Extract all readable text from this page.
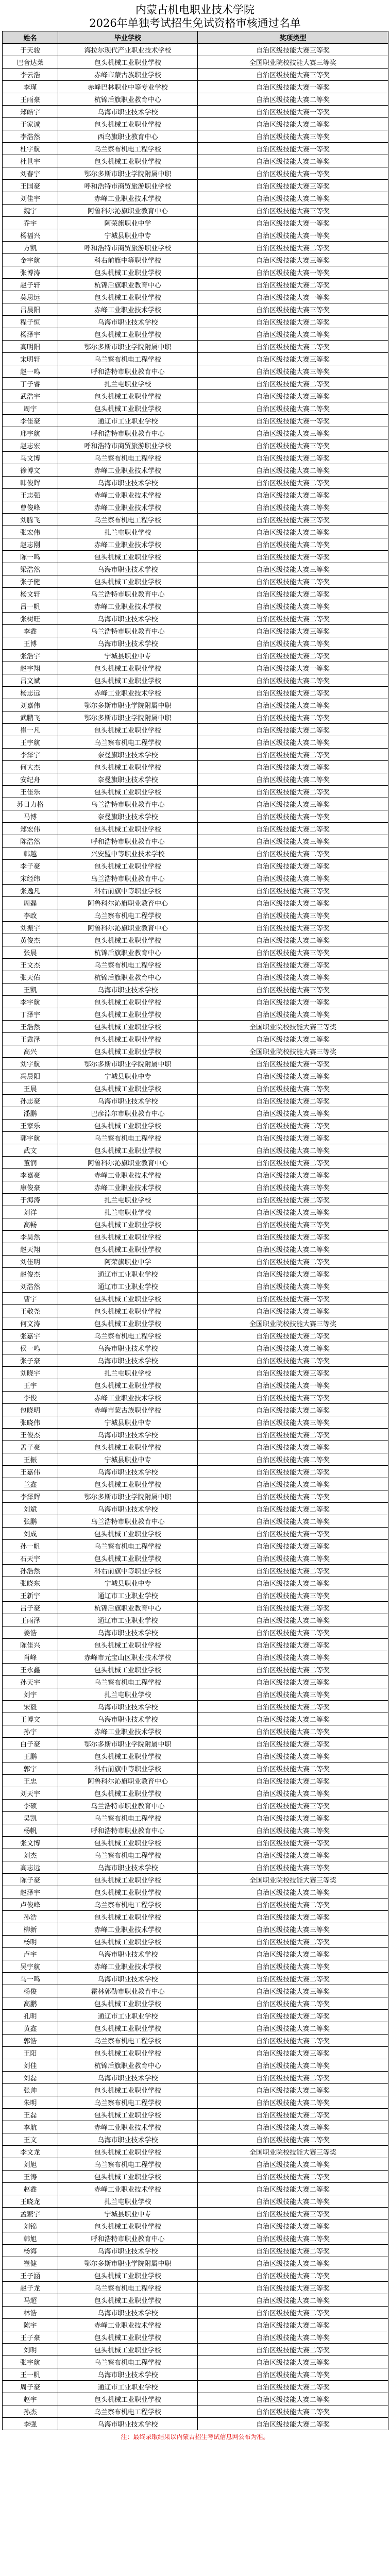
内蒙古机电职业技术学院
2026年单独考试招生免试资格审核通过名单
姓名	毕业学校	奖项类型
于天骏	海拉尔现代产业职业技术学校	自治区级技能大赛三等奖
巴音达莱	包头机械工业职业学校	全国职业院校技能大赛三等奖
李云浩	赤峰市蒙古族职业学校	自治区级技能大赛三等奖
李瑾	赤峰巴林职业中等专业学校	自治区级技能大赛一等奖
王雨豪	杭锦后旗职业教育中心	自治区级技能大赛二等奖
郑皓宇	乌海市职业技术学校	自治区级技能大赛一等奖
于家诚	包头机械工业职业学校	自治区级技能大赛二等奖
李浩然	西乌旗职业教育中心	自治区级技能大赛三等奖
杜宇航	乌兰察布机电工程学校	自治区级技能大赛一等奖
杜世宇	包头机械工业职业学校	自治区级技能大赛二等奖
刘春宇	鄂尔多斯市职业学院附属中职	自治区级技能大赛一等奖
王国豪	呼和浩特市商贸旅游职业学校	自治区级技能大赛三等奖
刘佳宇	赤峰工业职业技术学校	自治区级技能大赛二等奖
魏宇	阿鲁科尔沁旗职业教育中心	自治区级技能大赛三等奖
乔宇	阿荣旗职业中学	自治区级技能大赛一等奖
杨福兴	宁城县职业中专	自治区级技能大赛一等奖
方凯	呼和浩特市商贸旅游职业学校	自治区级技能大赛二等奖
金宇航	科右前旗中等职业学校	自治区级技能大赛三等奖
张博涛	包头机械工业职业学校	自治区级技能大赛一等奖
赵子轩	杭锦后旗职业教育中心	自治区级技能大赛二等奖
莫思远	包头机械工业职业学校	自治区级技能大赛一等奖
吕晨阳	赤峰工业职业技术学校	自治区级技能大赛三等奖
程子恒	乌海市职业技术学校	自治区级技能大赛二等奖
杨泽宇	包头机械工业职业学校	自治区级技能大赛二等奖
高明阳	鄂尔多斯市职业学院附属中职	自治区级技能大赛二等奖
宋明轩	乌兰察布机电工程学校	自治区级技能大赛三等奖
赵一鸣	呼和浩特市职业教育中心	自治区级技能大赛三等奖
丁子睿	扎兰屯职业学校	自治区级技能大赛二等奖
武浩宇	包头机械工业职业学校	自治区级技能大赛三等奖
周宇	包头机械工业职业学校	自治区级技能大赛二等奖
李佳豪	通辽市工业职业学校	自治区级技能大赛一等奖
邢宇航	呼和浩特市职业教育中心	自治区级技能大赛三等奖
赵志宏	呼和浩特市商贸旅游职业学校	自治区级技能大赛三等奖
马文博	乌兰察布机电工程学校	自治区级技能大赛二等奖
徐博文	赤峰工业职业技术学校	自治区级技能大赛二等奖
韩俊辉	乌海市职业技术学校	自治区级技能大赛二等奖
王志强	赤峰工业职业技术学校	自治区级技能大赛二等奖
曹俊峰	赤峰工业职业技术学校	自治区级技能大赛二等奖
刘腾飞	乌兰察布机电工程学校	自治区级技能大赛三等奖
张宏伟	扎兰屯职业学校	自治区级技能大赛二等奖
赵志刚	赤峰工业职业技术学校	自治区级技能大赛二等奖
陈一鸣	包头机械工业职业学校	自治区级技能大赛一等奖
梁浩然	乌海市职业技术学校	自治区级技能大赛三等奖
张子健	包头机械工业职业学校	自治区级技能大赛二等奖
杨文轩	乌兰浩特市职业教育中心	自治区级技能大赛二等奖
吕一帆	赤峰工业职业技术学校	自治区级技能大赛二等奖
张树旺	乌海市职业技术学校	自治区级技能大赛二等奖
李鑫	乌兰浩特市职业教育中心	自治区级技能大赛三等奖
王博	乌海市职业技术学校	自治区级技能大赛二等奖
张浩宇	宁城县职业中专	自治区级技能大赛二等奖
赵宇翔	包头机械工业职业学校	自治区级技能大赛一等奖
吕文斌	包头机械工业职业学校	自治区级技能大赛二等奖
杨志远	赤峰工业职业技术学校	自治区级技能大赛二等奖
刘嘉伟	鄂尔多斯市职业学院附属中职	自治区级技能大赛二等奖
武鹏飞	鄂尔多斯市职业学院附属中职	自治区级技能大赛二等奖
崔一凡	包头机械工业职业学校	自治区级技能大赛二等奖
王宇航	乌兰察布机电工程学校	自治区级技能大赛二等奖
李泽宇	奈曼旗职业技术学校	自治区级技能大赛二等奖
何大杰	包头机械工业职业学校	自治区级技能大赛二等奖
安纪舟	奈曼旗职业技术学校	自治区级技能大赛二等奖
王佳乐	包头机械工业职业学校	自治区级技能大赛二等奖
苏日力格	乌兰浩特市职业教育中心	自治区级技能大赛三等奖
马博	奈曼旗职业技术学校	自治区级技能大赛一等奖
郑宏伟	包头机械工业职业学校	自治区级技能大赛二等奖
陈浩然	呼和浩特市职业教育中心	自治区级技能大赛三等奖
韩越	兴安盟中等职业技术学校	自治区级技能大赛二等奖
李子豪	包头机械工业职业学校	自治区级技能大赛二等奖
宋经纬	乌兰浩特市职业教育中心	自治区级技能大赛二等奖
张逸凡	科右前旗中等职业学校	自治区级技能大赛三等奖
周磊	阿鲁科尔沁旗职业教育中心	自治区级技能大赛二等奖
李政	乌兰察布机电工程学校	自治区级技能大赛三等奖
刘振宇	阿鲁科尔沁旗职业教育中心	自治区级技能大赛三等奖
黄俊杰	包头机械工业职业学校	自治区级技能大赛二等奖
张晨	杭锦后旗职业教育中心	自治区级技能大赛三等奖
王文杰	乌兰察布机电工程学校	自治区级技能大赛二等奖
张天佑	杭锦后旗职业教育中心	自治区级技能大赛二等奖
王凯	乌海市职业技术学校	自治区级技能大赛三等奖
李宇航	包头机械工业职业学校	自治区级技能大赛一等奖
丁泽宇	包头机械工业职业学校	自治区级技能大赛二等奖
王浩然	包头机械工业职业学校	全国职业院校技能大赛三等奖
王鑫泽	包头机械工业职业学校	自治区级技能大赛二等奖
高兴	包头机械工业职业学校	全国职业院校技能大赛三等奖
刘宇航	鄂尔多斯市职业学院附属中职	自治区级技能大赛一等奖
冯晨阳	宁城县职业中专	自治区级技能大赛三等奖
王晨	包头机械工业职业学校	自治区级技能大赛二等奖
孙志豪	乌海市职业技术学校	自治区级技能大赛二等奖
潘鹏	巴彦淖尔市职业教育中心	自治区级技能大赛三等奖
王家乐	包头机械工业职业学校	自治区级技能大赛二等奖
郭宇航	乌兰察布机电工程学校	自治区级技能大赛二等奖
武文	包头机械工业职业学校	自治区级技能大赛二等奖
董润	阿鲁科尔沁旗职业教育中心	自治区级技能大赛二等奖
李嘉豪	赤峰工业职业技术学校	自治区级技能大赛二等奖
康俊豪	赤峰工业职业技术学校	自治区级技能大赛三等奖
于海涛	扎兰屯职业学校	自治区级技能大赛二等奖
刘洋	扎兰屯职业学校	自治区级技能大赛三等奖
高畅	包头机械工业职业学校	自治区级技能大赛三等奖
李昊然	包头机械工业职业学校	自治区级技能大赛二等奖
赵天翔	包头机械工业职业学校	自治区级技能大赛二等奖
刘佳明	阿荣旗职业中学	自治区级技能大赛二等奖
赵俊杰	通辽市工业职业学校	自治区级技能大赛二等奖
刘浩然	通辽市工业职业学校	自治区级技能大赛二等奖
曹宇	包头机械工业职业学校	自治区级技能大赛一等奖
王敬尧	包头机械工业职业学校	自治区级技能大赛二等奖
何文涛	包头机械工业职业学校	全国职业院校技能大赛三等奖
张嘉宇	乌兰察布机电工程学校	自治区级技能大赛二等奖
侯一鸣	乌海市职业技术学校	自治区级技能大赛二等奖
张子豪	乌海市职业技术学校	自治区级技能大赛二等奖
刘晓宇	扎兰屯职业学校	自治区级技能大赛三等奖
王宇	包头机械工业职业学校	自治区级技能大赛一等奖
李俊	赤峰工业职业技术学校	自治区级技能大赛三等奖
包晓明	赤峰市蒙古族职业学校	自治区级技能大赛二等奖
张晓伟	宁城县职业中专	自治区级技能大赛三等奖
王俊杰	乌海市职业技术学校	自治区级技能大赛二等奖
孟子豪	包头机械工业职业学校	自治区级技能大赛二等奖
王振	宁城县职业中专	自治区级技能大赛二等奖
王嘉伟	乌海市职业技术学校	自治区级技能大赛二等奖
兰鑫	包头机械工业职业学校	自治区级技能大赛二等奖
李泽辉	鄂尔多斯市职业学院附属中职	自治区级技能大赛二等奖
刘斌	乌海市职业技术学校	自治区级技能大赛二等奖
张鹏	乌兰浩特市职业教育中心	自治区级技能大赛二等奖
刘成	包头机械工业职业学校	自治区级技能大赛一等奖
孙一帆	乌兰察布机电工程学校	自治区级技能大赛三等奖
石天宇	包头机械工业职业学校	自治区级技能大赛二等奖
孙浩然	科右前旗中等职业学校	自治区级技能大赛二等奖
张晓东	宁城县职业中专	自治区级技能大赛二等奖
王新宇	通辽市工业职业学校	自治区级技能大赛三等奖
吕子豪	杭锦后旗职业教育中心	自治区级技能大赛二等奖
王雨泽	通辽市工业职业学校	自治区级技能大赛二等奖
姜浩	乌海市职业技术学校	自治区级技能大赛二等奖
陈佳兴	包头机械工业职业学校	自治区级技能大赛二等奖
肖峰	赤峰市元宝山区职业技术学校	自治区级技能大赛二等奖
王永鑫	包头机械工业职业学校	自治区级技能大赛二等奖
孙天宇	乌兰察布机电工程学校	自治区级技能大赛三等奖
刘宇	扎兰屯职业学校	自治区级技能大赛三等奖
宋毅	乌海市职业技术学校	自治区级技能大赛二等奖
王博文	乌海市职业技术学校	自治区级技能大赛二等奖
孙宇	赤峰工业职业技术学校	自治区级技能大赛二等奖
白子豪	鄂尔多斯市职业学院附属中职	自治区级技能大赛二等奖
王鹏	包头机械工业职业学校	自治区级技能大赛二等奖
郭宇	科右前旗中等职业学校	自治区级技能大赛二等奖
王忠	阿鲁科尔沁旗职业教育中心	自治区级技能大赛二等奖
刘天宇	包头机械工业职业学校	自治区级技能大赛二等奖
李硕	乌兰浩特市职业教育中心	自治区级技能大赛三等奖
吴凯	乌兰察布机电工程学校	自治区级技能大赛二等奖
杨帆	呼和浩特市职业教育中心	自治区级技能大赛二等奖
张文博	包头机械工业职业学校	自治区级技能大赛一等奖
刘杰	乌兰察布机电工程学校	自治区级技能大赛二等奖
高志远	乌海市职业技术学校	自治区级技能大赛三等奖
陈子豪	包头机械工业职业学校	全国职业院校技能大赛三等奖
赵泽宇	包头机械工业职业学校	自治区级技能大赛二等奖
卢俊峰	乌兰察布机电工程学校	自治区级技能大赛二等奖
孙浩	包头机械工业职业学校	自治区级技能大赛二等奖
柳新	赤峰工业职业技术学校	自治区级技能大赛三等奖
杨明	包头机械工业职业学校	自治区级技能大赛二等奖
卢宇	乌海市职业技术学校	自治区级技能大赛二等奖
吴宇航	赤峰工业职业技术学校	自治区级技能大赛二等奖
马一鸣	乌海市职业技术学校	自治区级技能大赛二等奖
杨俊	霍林郭勒市职业教育中心	自治区级技能大赛三等奖
高鹏	包头机械工业职业学校	自治区级技能大赛二等奖
孔明	通辽市工业职业学校	自治区级技能大赛二等奖
黄鑫	包头机械工业职业学校	自治区级技能大赛二等奖
郭浩	乌兰察布机电工程学校	自治区级技能大赛二等奖
王阳	包头机械工业职业学校	自治区级技能大赛三等奖
刘佳	杭锦后旗职业教育中心	自治区级技能大赛二等奖
刘磊	乌海市职业技术学校	自治区级技能大赛二等奖
张帅	包头机械工业职业学校	自治区级技能大赛二等奖
朱明	乌兰察布机电工程学校	自治区级技能大赛二等奖
王磊	包头机械工业职业学校	自治区级技能大赛二等奖
李航	赤峰工业职业技术学校	自治区级技能大赛三等奖
王文	乌海市职业技术学校	自治区级技能大赛二等奖
李文龙	包头机械工业职业学校	全国职业院校技能大赛三等奖
刘旭	乌兰察布机电工程学校	自治区级技能大赛二等奖
王涛	包头机械工业职业学校	自治区级技能大赛二等奖
赵鑫	赤峰工业职业技术学校	自治区级技能大赛二等奖
王晓龙	扎兰屯职业学校	自治区级技能大赛二等奖
孟繁宇	宁城县职业中专	自治区级技能大赛三等奖
刘锦	包头机械工业职业学校	自治区级技能大赛二等奖
韩旭	呼和浩特市职业教育中心	自治区级技能大赛二等奖
杨海	乌海市职业技术学校	自治区级技能大赛二等奖
崔健	鄂尔多斯市职业学院附属中职	自治区级技能大赛二等奖
王子涵	包头机械工业职业学校	自治区级技能大赛二等奖
赵子龙	乌兰察布机电工程学校	自治区级技能大赛三等奖
马超	包头机械工业职业学校	自治区级技能大赛二等奖
林浩	乌海市职业技术学校	自治区级技能大赛二等奖
陈宇	赤峰工业职业技术学校	自治区级技能大赛二等奖
王子豪	包头机械工业职业学校	自治区级技能大赛二等奖
刘明	包头机械工业职业学校	自治区级技能大赛二等奖
张宇航	乌兰察布机电工程学校	自治区级技能大赛三等奖
王一帆	乌海市职业技术学校	自治区级技能大赛二等奖
周子豪	通辽市工业职业学校	自治区级技能大赛二等奖
赵宇	包头机械工业职业学校	自治区级技能大赛二等奖
孙杰	乌兰察布机电工程学校	自治区级技能大赛二等奖
李强	乌海市职业技术学校	自治区级技能大赛二等奖
注：最终录取结果以内蒙古招生考试信息网公布为准。
